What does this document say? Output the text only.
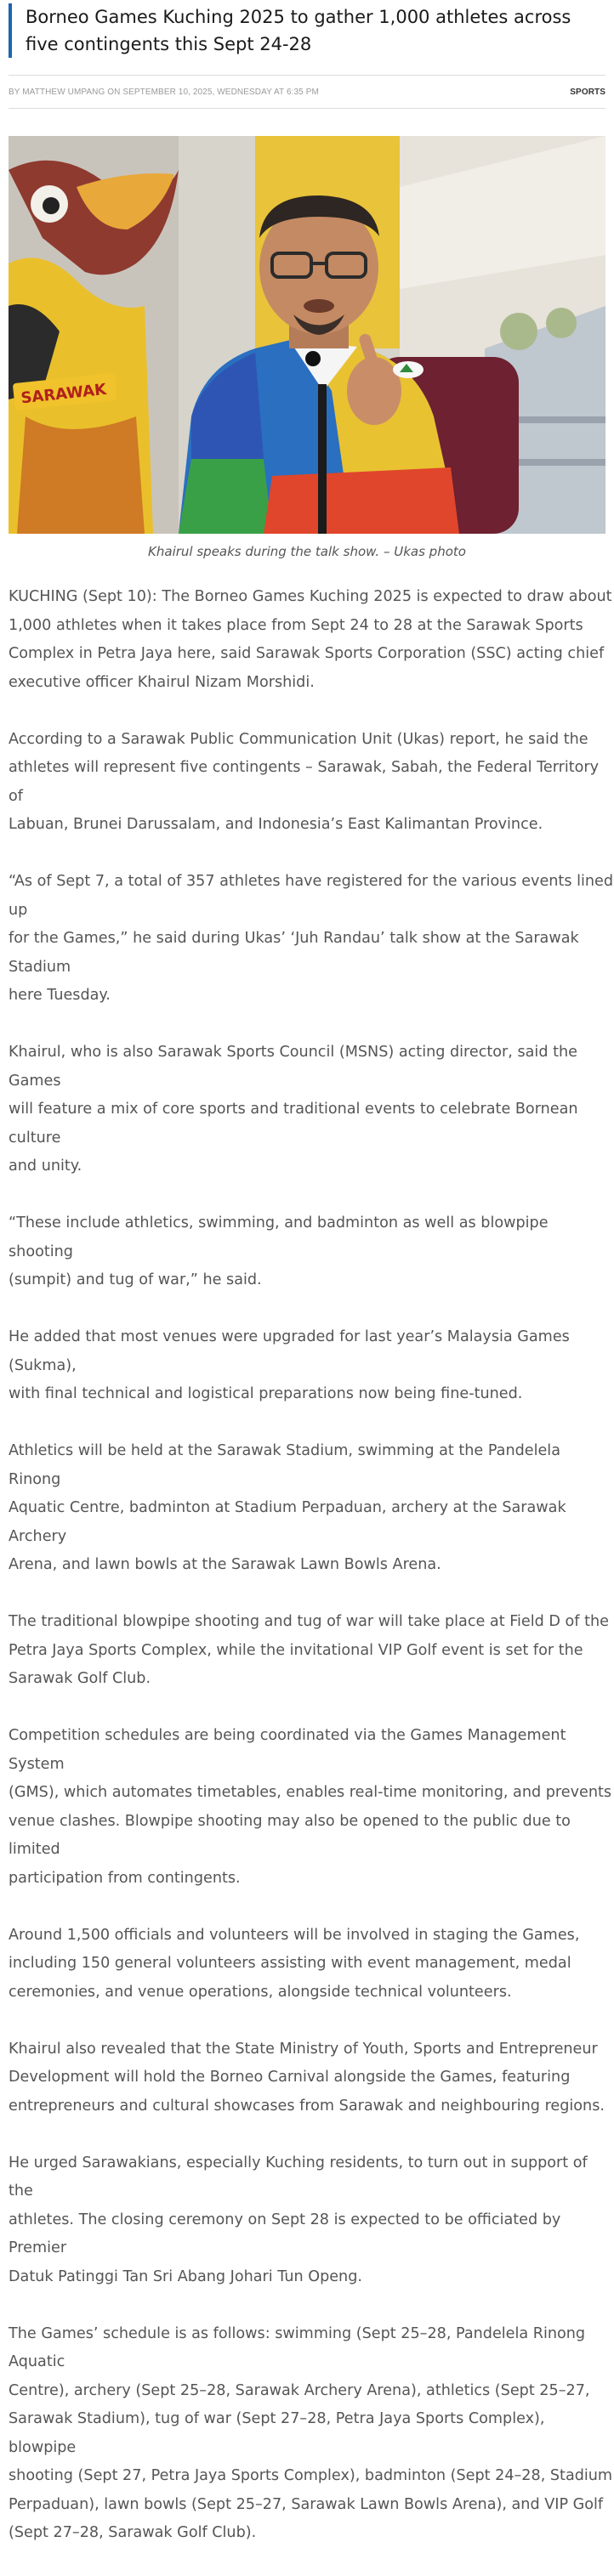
Borneo Games Kuching 2025 to gather 1,000 athletes across
five contingents this Sept 24-28
BY MATTHEW UMPANG ON SEPTEMBER 10, 2025, WEDNESDAY AT 6:35 PM	SPORTS
SARAWAK
Khairul speaks during the talk show. – Ukas photo

KUCHING (Sept 10): The Borneo Games Kuching 2025 is expected to draw about
1,000 athletes when it takes place from Sept 24 to 28 at the Sarawak Sports
Complex in Petra Jaya here, said Sarawak Sports Corporation (SSC) acting chief
executive officer Khairul Nizam Morshidi.

According to a Sarawak Public Communication Unit (Ukas) report, he said the
athletes will represent five contingents – Sarawak, Sabah, the Federal Territory of
Labuan, Brunei Darussalam, and Indonesia’s East Kalimantan Province.

“As of Sept 7, a total of 357 athletes have registered for the various events lined up
for the Games,” he said during Ukas’ ‘Juh Randau’ talk show at the Sarawak Stadium
here Tuesday.

Khairul, who is also Sarawak Sports Council (MSNS) acting director, said the Games
will feature a mix of core sports and traditional events to celebrate Bornean culture
and unity.

“These include athletics, swimming, and badminton as well as blowpipe shooting
(sumpit) and tug of war,” he said.

He added that most venues were upgraded for last year’s Malaysia Games (Sukma),
with final technical and logistical preparations now being fine-tuned.

Athletics will be held at the Sarawak Stadium, swimming at the Pandelela Rinong
Aquatic Centre, badminton at Stadium Perpaduan, archery at the Sarawak Archery
Arena, and lawn bowls at the Sarawak Lawn Bowls Arena.

The traditional blowpipe shooting and tug of war will take place at Field D of the
Petra Jaya Sports Complex, while the invitational VIP Golf event is set for the
Sarawak Golf Club.

Competition schedules are being coordinated via the Games Management System
(GMS), which automates timetables, enables real-time monitoring, and prevents
venue clashes. Blowpipe shooting may also be opened to the public due to limited
participation from contingents.

Around 1,500 officials and volunteers will be involved in staging the Games,
including 150 general volunteers assisting with event management, medal
ceremonies, and venue operations, alongside technical volunteers.

Khairul also revealed that the State Ministry of Youth, Sports and Entrepreneur
Development will hold the Borneo Carnival alongside the Games, featuring
entrepreneurs and cultural showcases from Sarawak and neighbouring regions.

He urged Sarawakians, especially Kuching residents, to turn out in support of the
athletes. The closing ceremony on Sept 28 is expected to be officiated by Premier
Datuk Patinggi Tan Sri Abang Johari Tun Openg.

The Games’ schedule is as follows: swimming (Sept 25–28, Pandelela Rinong Aquatic
Centre), archery (Sept 25–28, Sarawak Archery Arena), athletics (Sept 25–27,
Sarawak Stadium), tug of war (Sept 27–28, Petra Jaya Sports Complex), blowpipe
shooting (Sept 27, Petra Jaya Sports Complex), badminton (Sept 24–28, Stadium
Perpaduan), lawn bowls (Sept 25–27, Sarawak Lawn Bowls Arena), and VIP Golf
(Sept 27–28, Sarawak Golf Club).
